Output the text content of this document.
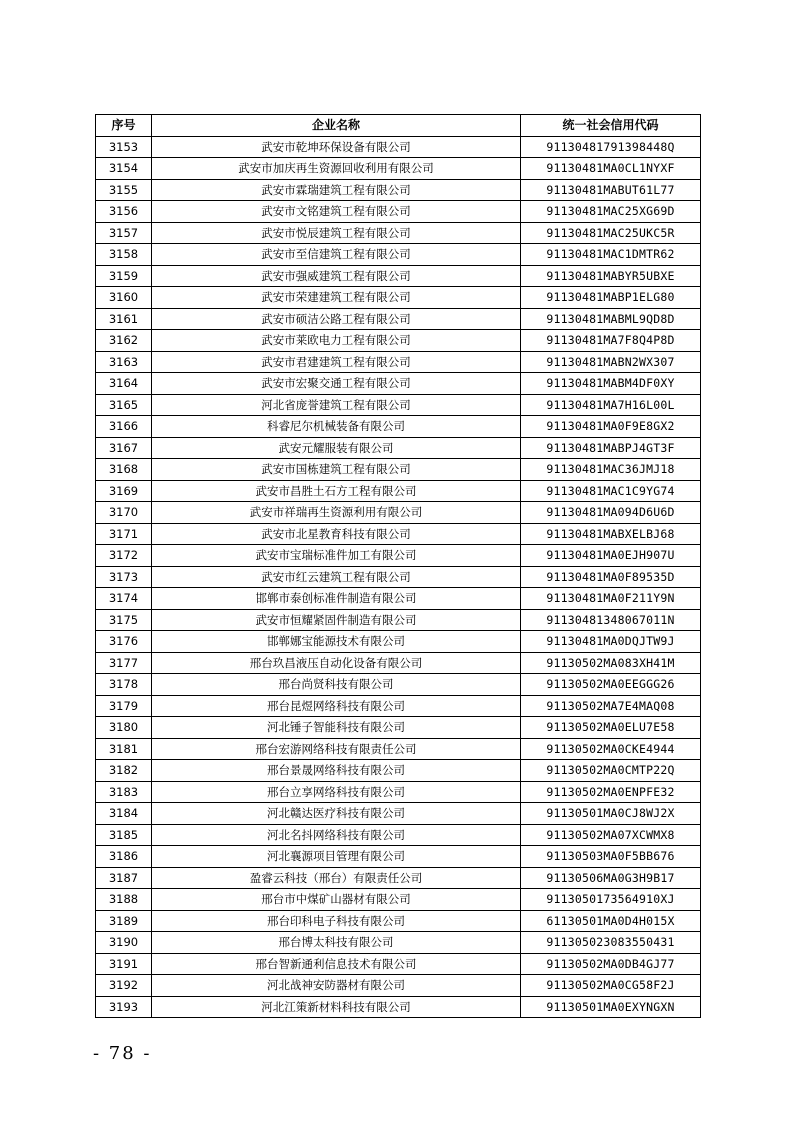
序号	企业名称	统一社会信用代码
3153	武安市乾坤环保设备有限公司	91130481791398448Q
3154	武安市加庆再生资源回收利用有限公司	91130481MA0CL1NYXF
3155	武安市霖瑞建筑工程有限公司	91130481MABUT61L77
3156	武安市文铭建筑工程有限公司	91130481MAC25XG69D
3157	武安市悦辰建筑工程有限公司	91130481MAC25UKC5R
3158	武安市至信建筑工程有限公司	91130481MAC1DMTR62
3159	武安市强威建筑工程有限公司	91130481MABYR5UBXE
3160	武安市荣建建筑工程有限公司	91130481MABP1ELG80
3161	武安市硕洁公路工程有限公司	91130481MABML9QD8D
3162	武安市莱欧电力工程有限公司	91130481MA7F8Q4P8D
3163	武安市君建建筑工程有限公司	91130481MABN2WX307
3164	武安市宏聚交通工程有限公司	91130481MABM4DF0XY
3165	河北省庞誉建筑工程有限公司	91130481MA7H16L00L
3166	科睿尼尔机械装备有限公司	91130481MA0F9E8GX2
3167	武安元耀服装有限公司	91130481MABPJ4GT3F
3168	武安市国栋建筑工程有限公司	91130481MAC36JMJ18
3169	武安市昌胜土石方工程有限公司	91130481MAC1C9YG74
3170	武安市祥瑞再生资源利用有限公司	91130481MA094D6U6D
3171	武安市北星教育科技有限公司	91130481MABXELBJ68
3172	武安市宝瑞标准件加工有限公司	91130481MA0EJH907U
3173	武安市红云建筑工程有限公司	91130481MA0F89535D
3174	邯郸市泰创标准件制造有限公司	91130481MA0F211Y9N
3175	武安市恒耀紧固件制造有限公司	91130481348067011N
3176	邯郸娜宝能源技术有限公司	91130481MA0DQJTW9J
3177	邢台玖昌液压自动化设备有限公司	91130502MA083XH41M
3178	邢台尚贤科技有限公司	91130502MA0EEGGG26
3179	邢台昆煜网络科技有限公司	91130502MA7E4MAQ08
3180	河北锤子智能科技有限公司	91130502MA0ELU7E58
3181	邢台宏游网络科技有限责任公司	91130502MA0CKE4944
3182	邢台景晟网络科技有限公司	91130502MA0CMTP22Q
3183	邢台立享网络科技有限公司	91130502MA0ENPFE32
3184	河北赣达医疗科技有限公司	91130501MA0CJ8WJ2X
3185	河北名抖网络科技有限公司	91130502MA07XCWMX8
3186	河北襄源项目管理有限公司	91130503MA0F5BB676
3187	盈睿云科技（邢台）有限责任公司	91130506MA0G3H9B17
3188	邢台市中煤矿山器材有限公司	9113050173564910XJ
3189	邢台印科电子科技有限公司	61130501MA0D4H015X
3190	邢台博太科技有限公司	911305023083550431
3191	邢台智新通利信息技术有限公司	91130502MA0DB4GJ77
3192	河北战神安防器材有限公司	91130502MA0CG58F2J
3193	河北江策新材料科技有限公司	91130501MA0EXYNGXN
- 78 -
